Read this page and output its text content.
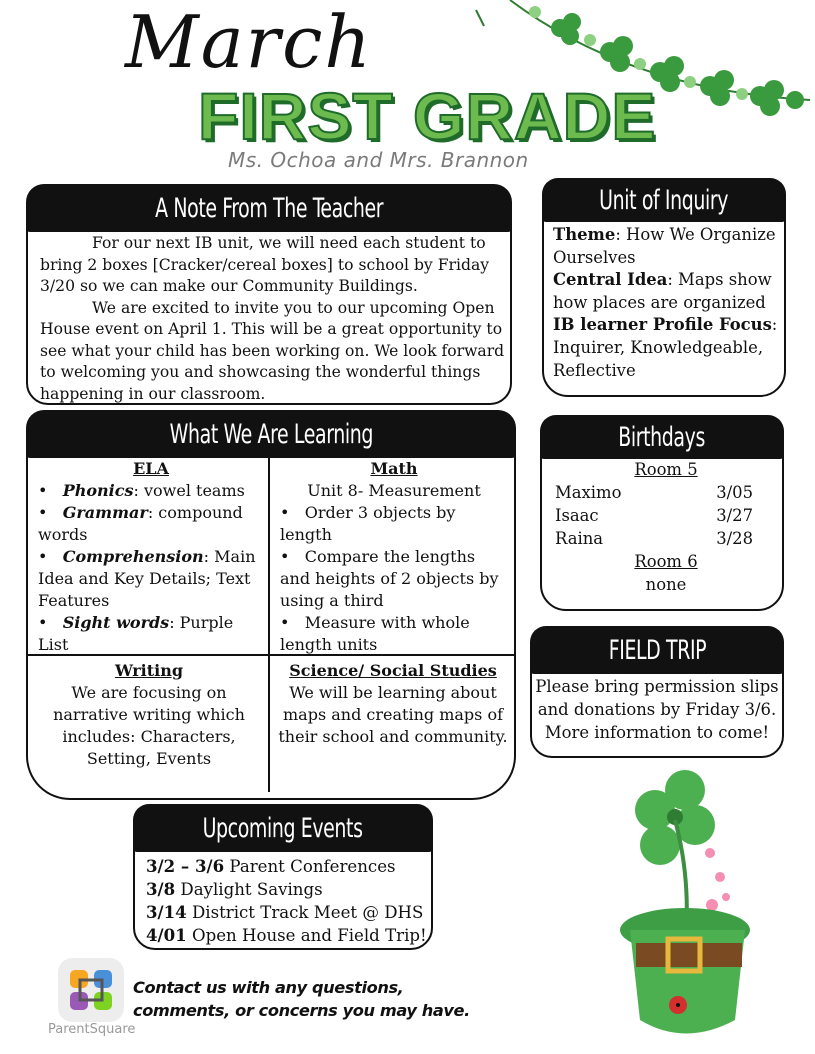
March
FIRST GRADE
Ms. Ochoa and Mrs. Brannon
A Note From The Teacher

For our next IB unit, we will need each student to bring 2 boxes [Cracker/cereal boxes] to school by Friday 3/20 so we can make our Community Buildings.

We are excited to invite you to our upcoming Open House event on April 1. This will be a great opportunity to see what your child has been working on. We look forward to welcoming you and showcasing the wonderful things happening in our classroom.

Unit of Inquiry

Theme: How We Organize Ourselves

Central Idea: Maps show how places are organized

IB learner Profile Focus: Inquirer, Knowledgeable, Reflective

What We Are Learning
ELA
•   Phonics: vowel teams
•   Grammar: compound words
•   Comprehension: Main Idea and Key Details; Text Features
•   Sight words: Purple List
Math
Unit 8- Measurement
•   Order 3 objects by length
•   Compare the lengths and heights of 2 objects by using a third
•   Measure with whole length units
Writing
We are focusing on narrative writing which includes: Characters, Setting, Events
Science/ Social Studies
We will be learning about maps and creating maps of their school and community.
Birthdays
Room 5
Maximo	3/05
Isaac	3/27
Raina	3/28
Room 6
none
FIELD TRIP
Please bring permission slips and donations by Friday 3/6. More information to come!
Upcoming Events
3/2 – 3/6 Parent Conferences
3/8 Daylight Savings
3/14 District Track Meet @ DHS
4/01 Open House and Field Trip!
ParentSquare
Contact us with any questions, comments, or concerns you may have.
